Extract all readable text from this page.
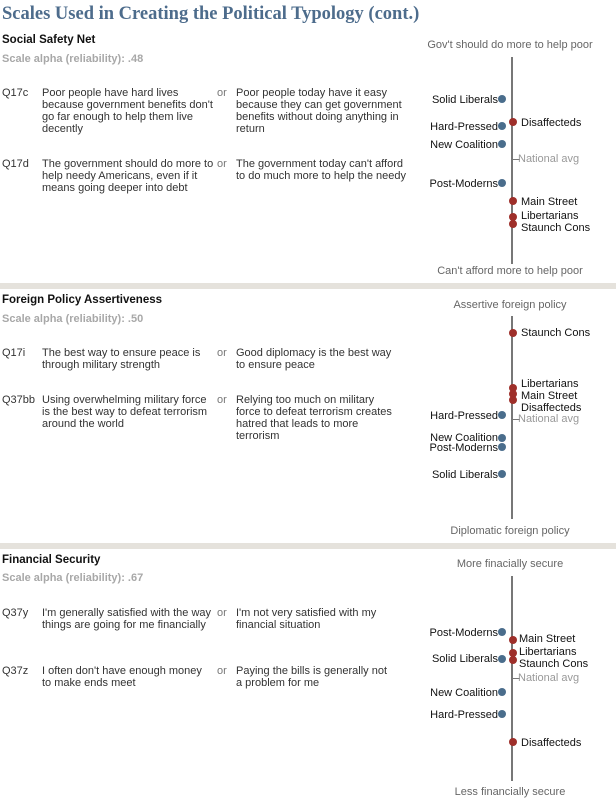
Scales Used in Creating the Political Typology (cont.)
Social Safety Net
Scale alpha (reliability): .48
Q17c Poor people have hard lives because government benefits don't go far enough to help them live decently
or Poor people today have it easy because they can get government benefits without doing anything in return
Q17d The government should do more to help needy Americans, even if it means going deeper into debt
or The government today can't afford to do much more to help the needy
Gov't should do more to help poor
National avg
Can't afford more to help poor
Solid Liberals
Hard-Pressed Disaffecteds
New Coalition
Post-Moderns
Main Street
Libertarians
Staunch Cons
Foreign Policy Assertiveness
Scale alpha (reliability): .50
Q17i The best way to ensure peace is through military strength
or Good diplomacy is the best way to ensure peace
Q37bb Using overwhelming military force is the best way to defeat terrorism around the world
or Relying too much on military force to defeat terrorism creates hatred that leads to more terrorism
Assertive foreign policy
National avg
Diplomatic foreign policy
Staunch Cons
Libertarians
Main Street
Disaffecteds
Hard-Pressed
New Coalition
Post-Moderns
Solid Liberals
Financial Security
Scale alpha (reliability): .67
Q37y I'm generally satisfied with the way things are going for me financially
or I'm not very satisfied with my financial situation
Q37z I often don't have enough money to make ends meet
or Paying the bills is generally not a problem for me
More finacially secure
National avg
Less financially secure
Post-Moderns Main Street
Solid Liberals
Libertarians
Staunch Cons
New Coalition
Hard-Pressed
Disaffecteds
